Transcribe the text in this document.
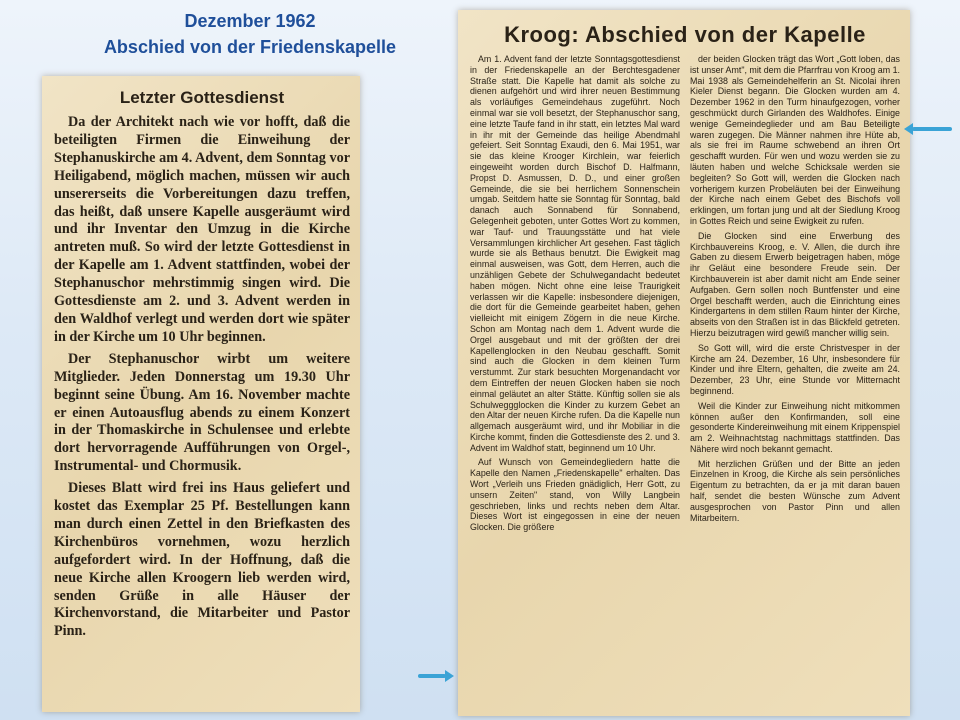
Dezember 1962
Abschied von der Friedenskapelle
Letzter Gottesdienst

Da der Architekt nach wie vor hofft, daß die beteiligten Firmen die Einweihung der Stephanuskirche am 4. Advent, dem Sonntag vor Heiligabend, möglich machen, müssen wir auch unsererseits die Vorbereitungen dazu treffen, das heißt, daß unsere Kapelle ausgeräumt wird und ihr Inventar den Umzug in die Kirche antreten muß. So wird der letzte Gottesdienst in der Kapelle am 1. Advent stattfinden, wobei der Stephanuschor mehrstimmig singen wird. Die Gottesdienste am 2. und 3. Advent werden in den Waldhof verlegt und werden dort wie später in der Kirche um 10 Uhr beginnen.

Der Stephanuschor wirbt um weitere Mitglieder. Jeden Donnerstag um 19.30 Uhr beginnt seine Übung. Am 16. November machte er einen Autoausflug abends zu einem Konzert in der Thomaskirche in Schulensee und erlebte dort hervorragende Aufführungen von Orgel-, Instrumental- und Chormusik.

Dieses Blatt wird frei ins Haus geliefert und kostet das Exemplar 25 Pf. Bestellungen kann man durch einen Zettel in den Briefkasten des Kirchenbüros vornehmen, wozu herzlich aufgefordert wird. In der Hoffnung, daß die neue Kirche allen Kroogern lieb werden wird, senden Grüße in alle Häuser der Kirchenvorstand, die Mitarbeiter und Pastor Pinn.

Kroog: Abschied von der Kapelle

Am 1. Advent fand der letzte Sonntagsgottesdienst in der Friedenskapelle an der Berchtesgadener Straße statt. Die Kapelle hat damit als solche zu dienen aufgehört und wird ihrer neuen Bestimmung als vorläufiges Gemeindehaus zugeführt. Noch einmal war sie voll besetzt, der Stephanuschor sang, eine letzte Taufe fand in ihr statt, ein letztes Mal ward in ihr mit der Gemeinde das heilige Abendmahl gefeiert. Seit Sonntag Exaudi, den 6. Mai 1951, war sie das kleine Krooger Kirchlein, war feierlich eingeweiht worden durch Bischof D. Halfmann, Propst D. Asmussen, D. D., und einer großen Gemeinde, die sie bei herrlichem Sonnenschein umgab. Seitdem hatte sie Sonntag für Sonntag, bald danach auch Sonnabend für Sonnabend, Gelegenheit geboten, unter Gottes Wort zu kommen, war Tauf- und Trauungsstätte und hat viele Versammlungen kirchlicher Art gesehen. Fast täglich wurde sie als Bethaus benutzt. Die Ewigkeit mag einmal ausweisen, was Gott, dem Herren, auch die unzähligen Gebete der Schulwegandacht bedeutet haben mögen. Nicht ohne eine leise Traurigkeit verlassen wir die Kapelle: insbesondere diejenigen, die dort für die Gemeinde gearbeitet haben, gehen vielleicht mit einigem Zögern in die neue Kirche. Schon am Montag nach dem 1. Advent wurde die Orgel ausgebaut und mit der größten der drei Kapellenglocken in den Neubau geschafft. Somit sind auch die Glocken in dem kleinen Turm verstummt. Zur stark besuchten Morgenandacht vor dem Eintreffen der neuen Glocken haben sie noch einmal geläutet an alter Stätte. Künftig sollen sie als Schulweggglocken die Kinder zu kurzem Gebet an den Altar der neuen Kirche rufen. Da die Kapelle nun allgemach ausgeräumt wird, und ihr Mobiliar in die Kirche kommt, finden die Gottesdienste des 2. und 3. Advent im Waldhof statt, beginnend um 10 Uhr.

Auf Wunsch von Gemeindegliedern hatte die Kapelle den Namen „Friedenskapelle" erhalten. Das Wort „Verleih uns Frieden gnädiglich, Herr Gott, zu unsern Zeiten" stand, von Willy Langbein geschrieben, links und rechts neben dem Altar. Dieses Wort ist eingegossen in eine der neuen Glocken. Die größere

der beiden Glocken trägt das Wort „Gott loben, das ist unser Amt", mit dem die Pfarrfrau von Kroog am 1. Mai 1938 als Gemeindehelferin an St. Nicolai ihren Kieler Dienst begann. Die Glocken wurden am 4. Dezember 1962 in den Turm hinaufgezogen, vorher geschmückt durch Girlanden des Waldhofes. Einige wenige Gemeindeglieder und am Bau Beteiligte waren zugegen. Die Männer nahmen ihre Hüte ab, als sie frei im Raume schwebend an ihren Ort geschafft wurden. Für wen und wozu werden sie zu läuten haben und welche Schicksale werden sie begleiten? So Gott will, werden die Glocken nach vorherigem kurzen Probeläuten bei der Einweihung der Kirche nach einem Gebet des Bischofs voll erklingen, um fortan jung und alt der Siedlung Kroog in Gottes Reich und seine Ewigkeit zu rufen.

Die Glocken sind eine Erwerbung des Kirchbauvereins Kroog, e. V. Allen, die durch ihre Gaben zu diesem Erwerb beigetragen haben, möge ihr Geläut eine besondere Freude sein. Der Kirchbauverein ist aber damit nicht am Ende seiner Aufgaben. Gern sollen noch Buntfenster und eine Orgel beschafft werden, auch die Einrichtung eines Kindergartens in dem stillen Raum hinter der Kirche, abseits von den Straßen ist in das Blickfeld getreten. Hierzu beizutragen wird gewiß mancher willig sein.

So Gott will, wird die erste Christvesper in der Kirche am 24. Dezember, 16 Uhr, insbesondere für Kinder und ihre Eltern, gehalten, die zweite am 24. Dezember, 23 Uhr, eine Stunde vor Mitternacht beginnend.

Weil die Kinder zur Einweihung nicht mitkommen können außer den Konfirmanden, soll eine gesonderte Kindereinweihung mit einem Krippenspiel am 2. Weihnachtstag nachmittags stattfinden. Das Nähere wird noch bekannt gemacht.

Mit herzlichen Grüßen und der Bitte an jeden Einzelnen in Kroog, die Kirche als sein persönliches Eigentum zu betrachten, da er ja mit daran bauen half, sendet die besten Wünsche zum Advent ausgesprochen von Pastor Pinn und allen Mitarbeitern.
